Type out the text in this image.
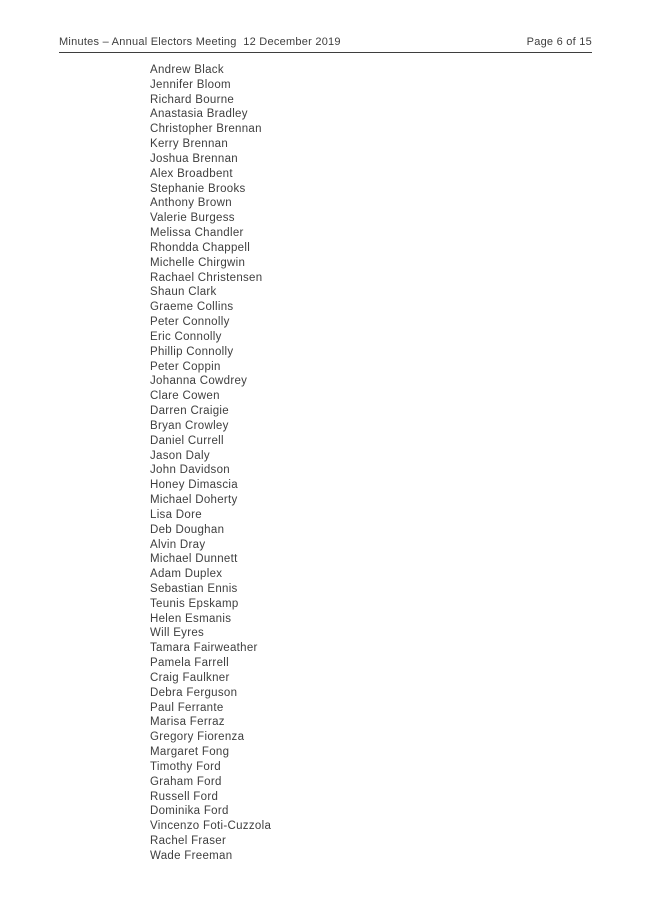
Minutes – Annual Electors Meeting  12 December 2019	Page 6 of 15
Andrew Black
Jennifer Bloom
Richard Bourne
Anastasia Bradley
Christopher Brennan
Kerry Brennan
Joshua Brennan
Alex Broadbent
Stephanie Brooks
Anthony Brown
Valerie Burgess
Melissa Chandler
Rhondda Chappell
Michelle Chirgwin
Rachael Christensen
Shaun Clark
Graeme Collins
Peter Connolly
Eric Connolly
Phillip Connolly
Peter Coppin
Johanna Cowdrey
Clare Cowen
Darren Craigie
Bryan Crowley
Daniel Currell
Jason Daly
John Davidson
Honey Dimascia
Michael Doherty
Lisa Dore
Deb Doughan
Alvin Dray
Michael Dunnett
Adam Duplex
Sebastian Ennis
Teunis Epskamp
Helen Esmanis
Will Eyres
Tamara Fairweather
Pamela Farrell
Craig Faulkner
Debra Ferguson
Paul Ferrante
Marisa Ferraz
Gregory Fiorenza
Margaret Fong
Timothy Ford
Graham Ford
Russell Ford
Dominika Ford
Vincenzo Foti-Cuzzola
Rachel Fraser
Wade Freeman
